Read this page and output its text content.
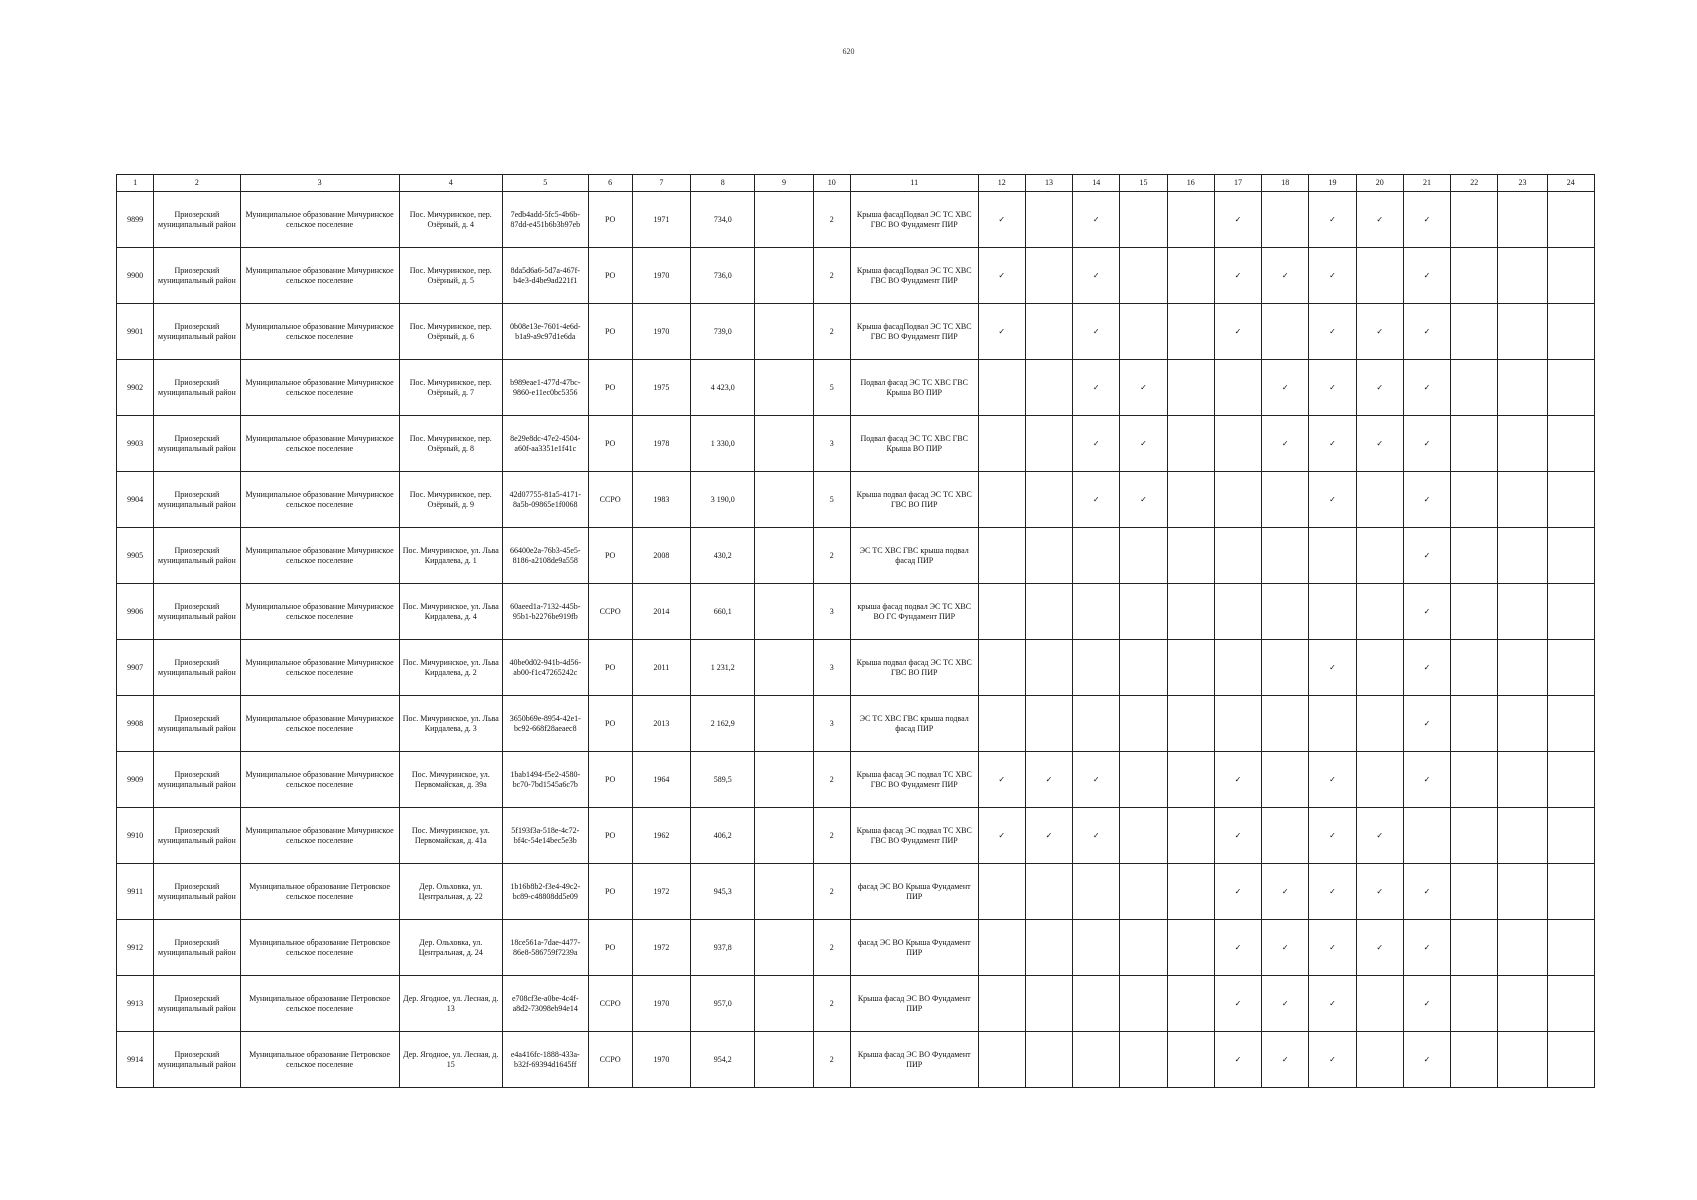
620
1	2	3	4	5	6	7	8	9	10	11	12	13	14	15	16	17	18	19	20	21	22	23	24
9899	Приозерский муниципальный район	Муниципальное образование Мичуринское сельское поселение	Пос. Мичуринское, пер. Озёрный, д. 4	7edb4add-5fc5-4b6b-87dd-e451b6b3b97eb	РО	1971	734,0		2	Крыша фасадПодвал ЭС ТС ХВС ГВС ВО Фундамент ПИР	✓		✓			✓		✓	✓	✓			
9900	Приозерский муниципальный район	Муниципальное образование Мичуринское сельское поселение	Пос. Мичуринское, пер. Озёрный, д. 5	8da5d6a6-5d7a-467f-b4e3-d4be9ad221f1	РО	1970	736,0		2	Крыша фасадПодвал ЭС ТС ХВС ГВС ВО Фундамент ПИР	✓		✓			✓	✓	✓		✓			
9901	Приозерский муниципальный район	Муниципальное образование Мичуринское сельское поселение	Пос. Мичуринское, пер. Озёрный, д. 6	0b08e13e-7601-4e6d-b1a9-a9c97d1e6da	РО	1970	739,0		2	Крыша фасадПодвал ЭС ТС ХВС ГВС ВО Фундамент ПИР	✓		✓			✓		✓	✓	✓			
9902	Приозерский муниципальный район	Муниципальное образование Мичуринское сельское поселение	Пос. Мичуринское, пер. Озёрный, д. 7	b989eae1-477d-47bc-9860-e11ec0bc5356	РО	1975	4 423,0		5	Подвал фасад ЭС ТС ХВС ГВС Крыша ВО ПИР			✓	✓			✓	✓	✓	✓			
9903	Приозерский муниципальный район	Муниципальное образование Мичуринское сельское поселение	Пос. Мичуринское, пер. Озёрный, д. 8	8e29e8dc-47e2-4504-a60f-aa3351e1f41c	РО	1978	1 330,0		3	Подвал фасад ЭС ТС ХВС ГВС Крыша ВО ПИР			✓	✓			✓	✓	✓	✓			
9904	Приозерский муниципальный район	Муниципальное образование Мичуринское сельское поселение	Пос. Мичуринское, пер. Озёрный, д. 9	42d07755-81a5-4171-8a5b-09865e1f0068	ССРО	1983	3 190,0		5	Крыша подвал фасад ЭС ТС ХВС ГВС ВО ПИР			✓	✓				✓		✓			
9905	Приозерский муниципальный район	Муниципальное образование Мичуринское сельское поселение	Пос. Мичуринское, ул. Льва Кирдалева, д. 1	66400e2a-76b3-45e5-8186-a2108de9a558	РО	2008	430,2		2	ЭС ТС ХВС ГВС крыша подвал фасад ПИР										✓			
9906	Приозерский муниципальный район	Муниципальное образование Мичуринское сельское поселение	Пос. Мичуринское, ул. Льва Кирдалева, д. 4	60aeed1a-7132-445b-95b1-b2276be919fb	ССРО	2014	660,1		3	крыша фасад подвал ЭС ТС ХВС ВО ГС Фундамент ПИР										✓			
9907	Приозерский муниципальный район	Муниципальное образование Мичуринское сельское поселение	Пос. Мичуринское, ул. Льва Кирдалева, д. 2	40be0d02-941b-4d56-ab00-f1c47265242c	РО	2011	1 231,2		3	Крыша подвал фасад ЭС ТС ХВС ГВС ВО ПИР								✓		✓			
9908	Приозерский муниципальный район	Муниципальное образование Мичуринское сельское поселение	Пос. Мичуринское, ул. Льва Кирдалева, д. 3	3650b69e-8954-42e1-bc92-668f28aeaec8	РО	2013	2 162,9		3	ЭС ТС ХВС ГВС крыша подвал фасад ПИР										✓			
9909	Приозерский муниципальный район	Муниципальное образование Мичуринское сельское поселение	Пос. Мичуринское, ул. Первомайская, д. 39а	1bab1494-f5e2-4580-bc70-7bd1545a6c7b	РО	1964	589,5		2	Крыша фасад ЭС подвал ТС ХВС ГВС ВО Фундамент ПИР	✓	✓	✓			✓		✓		✓			
9910	Приозерский муниципальный район	Муниципальное образование Мичуринское сельское поселение	Пос. Мичуринское, ул. Первомайская, д. 41а	5f193f3a-518e-4c72-bf4c-54e14bec5e3b	РО	1962	406,2		2	Крыша фасад ЭС подвал ТС ХВС ГВС ВО Фундамент ПИР	✓	✓	✓			✓		✓	✓				
9911	Приозерский муниципальный район	Муниципальное образование Петровское сельское поселение	Дер. Ольховка, ул. Центральная, д. 22	1b16b8b2-f3e4-49c2-bc89-c48808dd5e09	РО	1972	945,3		2	фасад ЭС ВО Крыша Фундамент ПИР						✓	✓	✓	✓	✓			
9912	Приозерский муниципальный район	Муниципальное образование Петровское сельское поселение	Дер. Ольховка, ул. Центральная, д. 24	18ce561a-7dae-4477-86e8-586759f7239a	РО	1972	937,8		2	фасад ЭС ВО Крыша Фундамент ПИР						✓	✓	✓	✓	✓			
9913	Приозерский муниципальный район	Муниципальное образование Петровское сельское поселение	Дер. Ягодное, ул. Лесная, д. 13	e708cf3e-a0be-4c4f-a8d2-73098eb94e14	ССРО	1970	957,0		2	Крыша фасад ЭС ВО Фундамент ПИР						✓	✓	✓		✓			
9914	Приозерский муниципальный район	Муниципальное образование Петровское сельское поселение	Дер. Ягодное, ул. Лесная, д. 15	e4a416fc-1888-433a-b32f-69394d1645ff	ССРО	1970	954,2		2	Крыша фасад ЭС ВО Фундамент ПИР						✓	✓	✓		✓			
